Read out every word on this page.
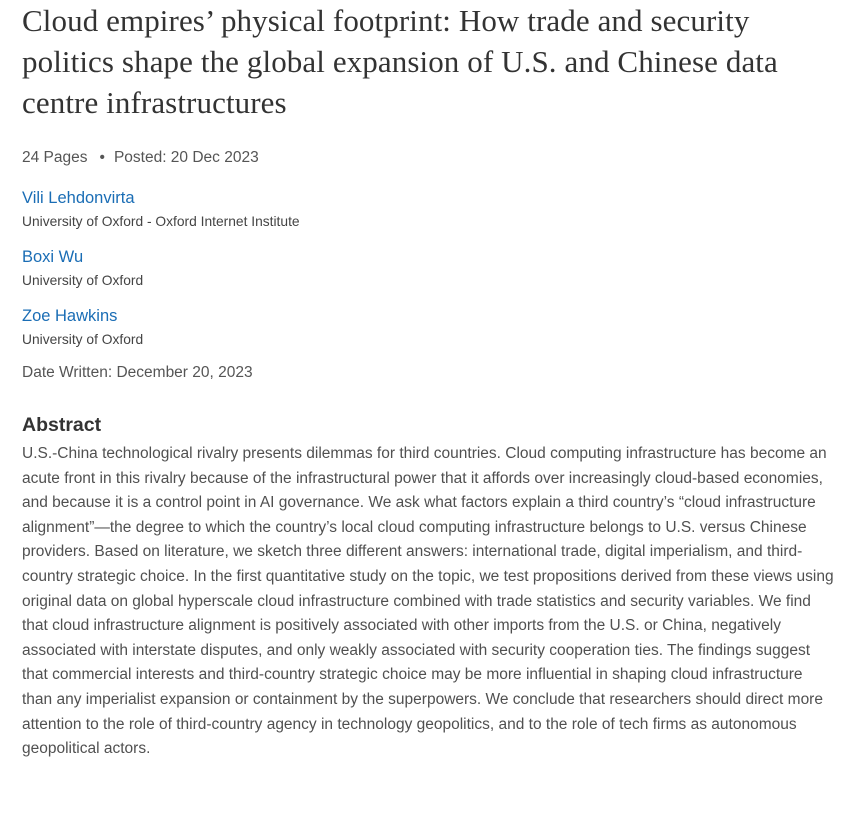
Cloud empires’ physical footprint: How trade and security politics shape the global expansion of U.S. and Chinese data centre infrastructures
24 Pages • Posted: 20 Dec 2023
Vili Lehdonvirta
University of Oxford - Oxford Internet Institute
Boxi Wu
University of Oxford
Zoe Hawkins
University of Oxford
Date Written: December 20, 2023
Abstract
U.S.-China technological rivalry presents dilemmas for third countries. Cloud computing infrastructure has become an acute front in this rivalry because of the infrastructural power that it affords over increasingly cloud-based economies, and because it is a control point in AI governance. We ask what factors explain a third country’s “cloud infrastructure alignment”—the degree to which the country’s local cloud computing infrastructure belongs to U.S. versus Chinese providers. Based on literature, we sketch three different answers: international trade, digital imperialism, and third-country strategic choice. In the first quantitative study on the topic, we test propositions derived from these views using original data on global hyperscale cloud infrastructure combined with trade statistics and security variables. We find that cloud infrastructure alignment is positively associated with other imports from the U.S. or China, negatively associated with interstate disputes, and only weakly associated with security cooperation ties. The findings suggest that commercial interests and third-country strategic choice may be more influential in shaping cloud infrastructure than any imperialist expansion or containment by the superpowers. We conclude that researchers should direct more attention to the role of third-country agency in technology geopolitics, and to the role of tech firms as autonomous geopolitical actors.
